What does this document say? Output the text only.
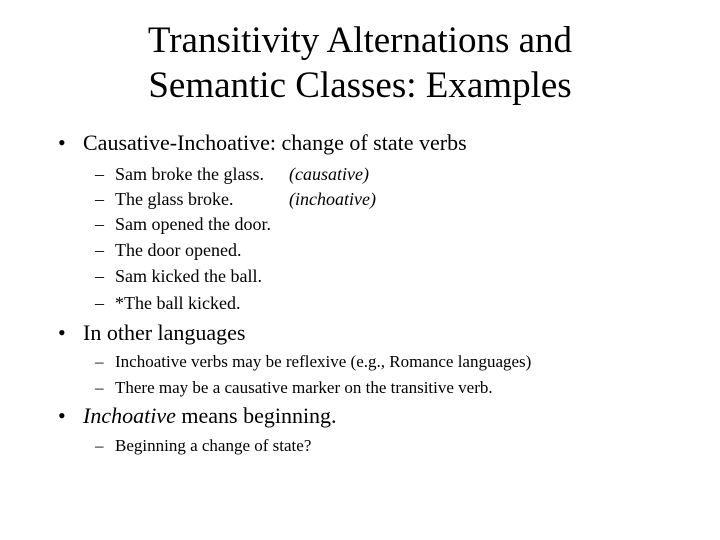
Transitivity Alternations and
Semantic Classes: Examples
• Causative-Inchoative: change of state verbs
– Sam broke the glass. (causative)
– The glass broke.	(inchoative)
– Sam opened the door.
– The door opened.
– Sam kicked the ball.
– *The ball kicked.
• In other languages
– Inchoative verbs may be reflexive (e.g., Romance languages)
– There may be a causative marker on the transitive verb.
• Inchoative means beginning.
– Beginning a change of state?
